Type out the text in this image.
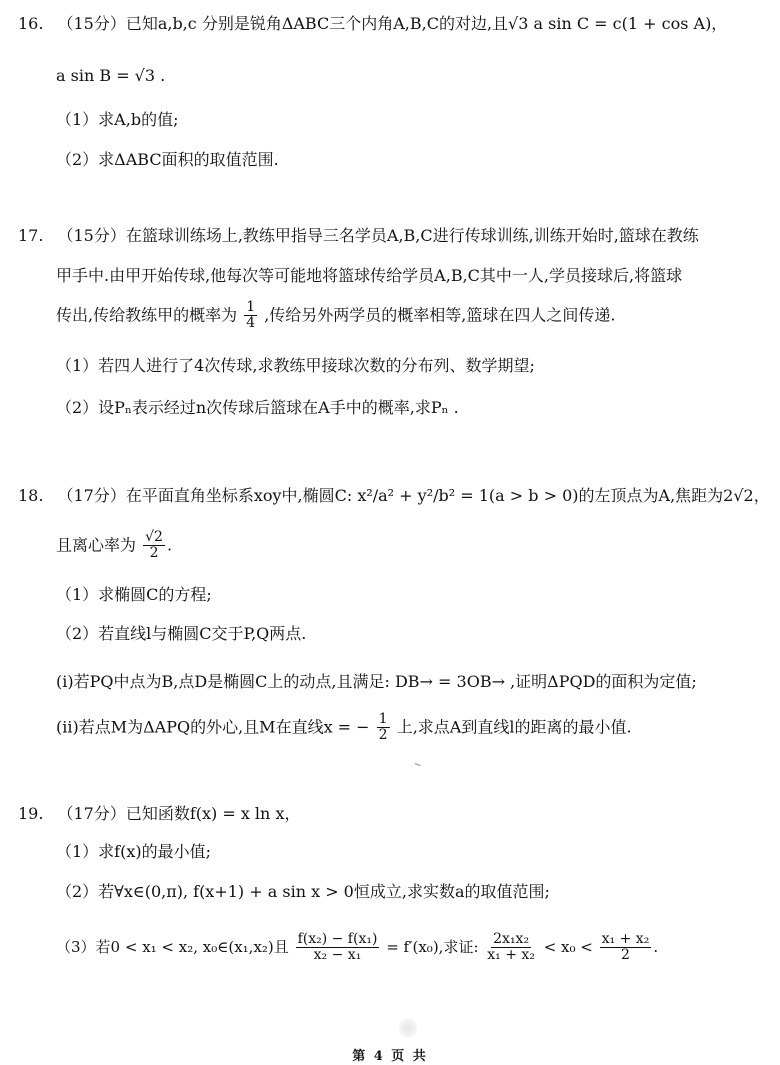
16. （15分）已知a,b,c 分别是锐角ΔABC三个内角A,B,C的对边,且√3 a sin C = c(1 + cos A)，
a sin B = √3 .
（1）求A,b的值;
（2）求ΔABC面积的取值范围.
17. （15分）在篮球训练场上,教练甲指导三名学员A,B,C进行传球训练,训练开始时,篮球在教练
甲手中.由甲开始传球,他每次等可能地将篮球传给学员A,B,C其中一人,学员接球后,将篮球
传出,传给教练甲的概率为 $\frac{1}{4}$ ,传给另外两学员的概率相等,篮球在四人之间传递.
（1）若四人进行了4次传球,求教练甲接球次数的分布列、数学期望;
（2）设Pₙ表示经过n次传球后篮球在A手中的概率,求Pₙ .
18. （17分）在平面直角坐标系xoy中,椭圆C: x²/a² + y²/b² = 1(a > b > 0)的左顶点为A,焦距为2√2，
且离心率为 $\frac{√2}{2}$ .
（1）求椭圆C的方程;
（2）若直线l与椭圆C交于P,Q两点.
(ⅰ)若PQ中点为B,点D是椭圆C上的动点,且满足: DB→ = 3OB→ ,证明ΔPQD的面积为定值;
(ⅱ)若点M为ΔAPQ的外心,且M在直线x = − $\frac{1}{2}$ 上,求点A到直线l的距离的最小值.
19. （17分）已知函数f(x) = x ln x，
（1）求f(x)的最小值;
（2）若∀x∈(0,π), f(x+1) + a sin x > 0恒成立,求实数a的取值范围;
（3）若0 < x₁ < x₂, x₀∈(x₁,x₂)且 $\frac{\text{f(x₂) − f(x₁)}}{\text{x₂ − x₁}} = f'(x_0)$,求证: $\frac{\text{2x₁x₂}}{\text{x₁ + x₂}} < x_0 < \frac{\text{x₁ + x₂}}{2}$ .
第 4 页 共
